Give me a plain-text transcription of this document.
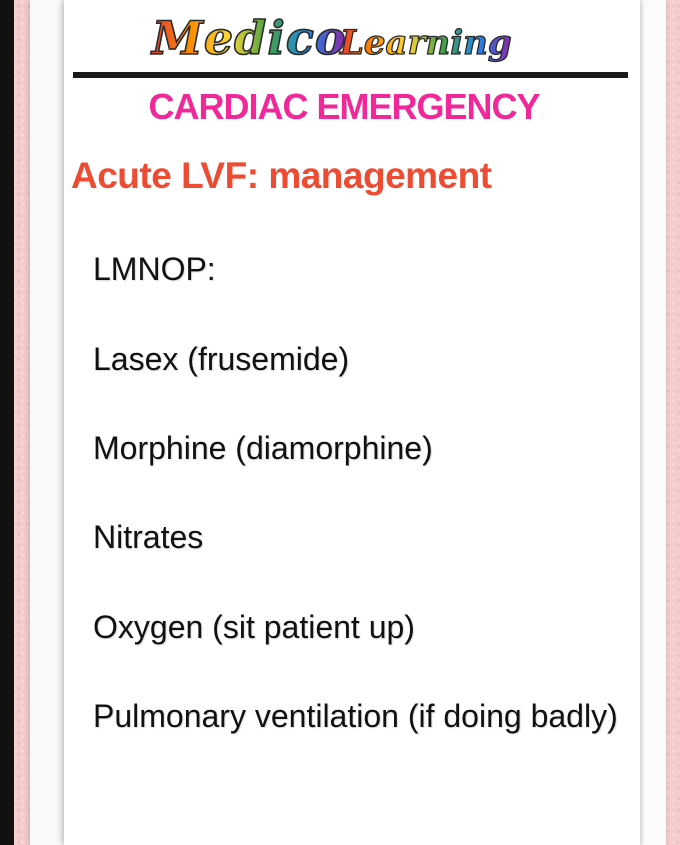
Medico
Learning
CARDIAC EMERGENCY
Acute LVF: management
LMNOP:
Lasex (frusemide)
Morphine (diamorphine)
Nitrates
Oxygen (sit patient up)
Pulmonary ventilation (if doing badly)
